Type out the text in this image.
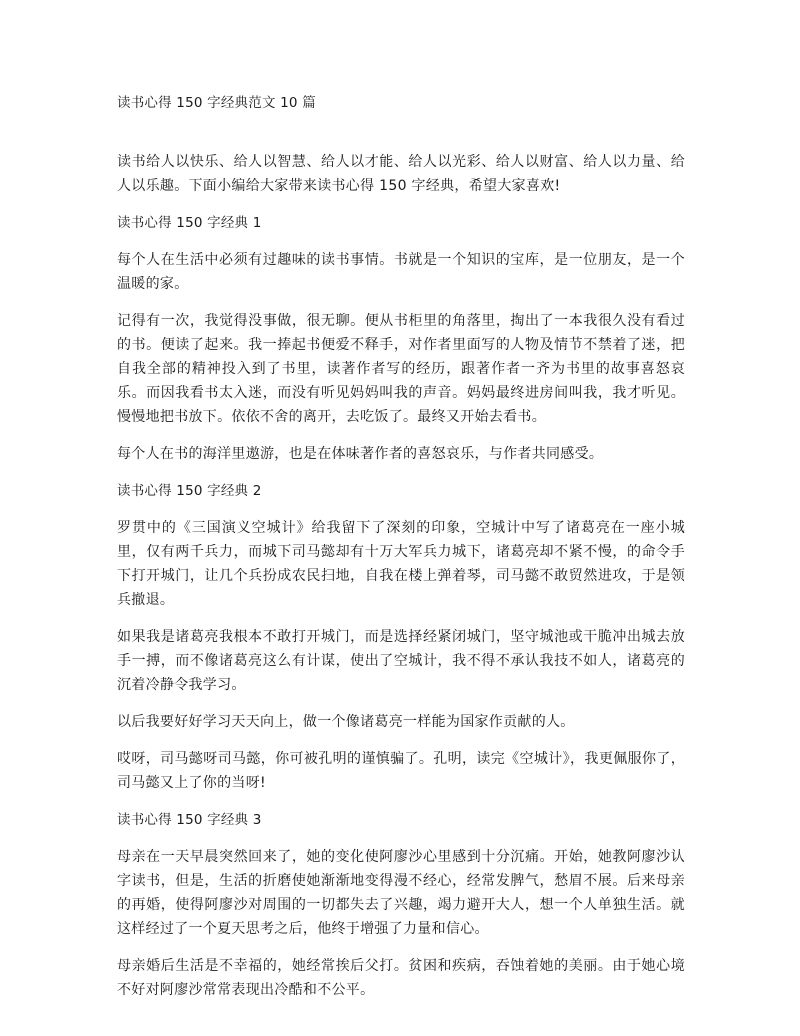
读书心得 150 字经典范文 10 篇

读书给人以快乐、给人以智慧、给人以才能、给人以光彩、给人以财富、给人以力量、给人以乐趣。下面小编给大家带来读书心得 150 字经典，希望大家喜欢!

读书心得 150 字经典 1

每个人在生活中必须有过趣味的读书事情。书就是一个知识的宝库，是一位朋友，是一个温暖的家。

记得有一次，我觉得没事做，很无聊。便从书柜里的角落里，掏出了一本我很久没有看过的书。便读了起来。我一捧起书便爱不释手，对作者里面写的人物及情节不禁着了迷，把自我全部的精神投入到了书里，读著作者写的经历，跟著作者一齐为书里的故事喜怒哀乐。而因我看书太入迷，而没有听见妈妈叫我的声音。妈妈最终进房间叫我，我才听见。慢慢地把书放下。依依不舍的离开，去吃饭了。最终又开始去看书。

每个人在书的海洋里遨游，也是在体味著作者的喜怒哀乐，与作者共同感受。

读书心得 150 字经典 2

罗贯中的《三国演义空城计》给我留下了深刻的印象，空城计中写了诸葛亮在一座小城里，仅有两千兵力，而城下司马懿却有十万大军兵力城下，诸葛亮却不紧不慢，的命令手下打开城门，让几个兵扮成农民扫地，自我在楼上弹着琴，司马懿不敢贸然进攻，于是领兵撤退。

如果我是诸葛亮我根本不敢打开城门，而是选择经紧闭城门，坚守城池或干脆冲出城去放手一搏，而不像诸葛亮这么有计谋，使出了空城计，我不得不承认我技不如人，诸葛亮的沉着冷静令我学习。

以后我要好好学习天天向上，做一个像诸葛亮一样能为国家作贡献的人。

哎呀，司马懿呀司马懿，你可被孔明的谨慎骗了。孔明，读完《空城计》，我更佩服你了，司马懿又上了你的当呀!

读书心得 150 字经典 3

母亲在一天早晨突然回来了，她的变化使阿廖沙心里感到十分沉痛。开始，她教阿廖沙认字读书，但是，生活的折磨使她渐渐地变得漫不经心，经常发脾气，愁眉不展。后来母亲的再婚，使得阿廖沙对周围的一切都失去了兴趣，竭力避开大人，想一个人单独生活。就这样经过了一个夏天思考之后，他终于增强了力量和信心。

母亲婚后生活是不幸福的，她经常挨后父打。贫困和疾病，吞蚀着她的美丽。由于她心境不好对阿廖沙常常表现出冷酷和不公平。
